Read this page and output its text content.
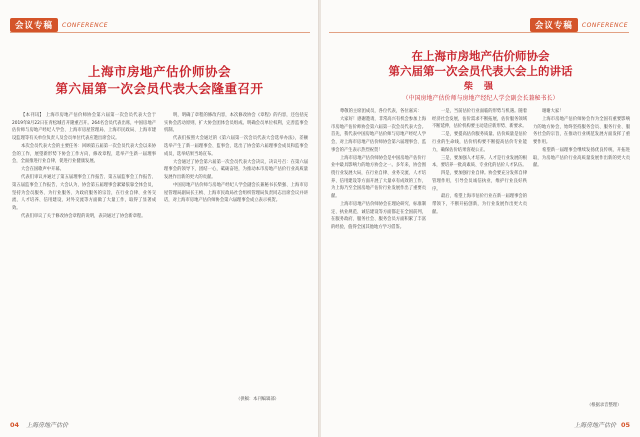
会议专稿	CONFERENCE
上海市房地产估价师协会
第六届第一次会员代表大会隆重召开

【本刊讯】 上海市房地产估价师协会第六届第一次会员代表大会于2019年8月22日在青松城召开隆重召开。264名会员代表出席，中国房地产估价师与房地产经纪人学会、上海市房屋管理局、上海市民政局、上海市建设监理等有关单位负责人及会员单位代表应邀出席会议。

本次会员代表大会的主要任务：回顾第五届第一次会员代表大会以来协会的工作，展望新形势下协会工作方向，修改章程，选举产生新一届理事会，全面推进行业自律，促进行业健康发展。

大会在国歌声中开幕。

代表们审议并通过了第五届理事会工作报告、第五届监事会工作报告、第五届监事会工作报告，大会认为，协会第五届理事会紧紧依靠全体会员，坚持为会员服务、为行业服务、为政府服务的宗旨，在行业自律、业务交流、人才培养、信用建设、对外交流等方面做了大量工作，取得了显著成效。

代表们审议了关于修改协会章程的说明，表决通过了协会新章程。

明，明确了章程的修改内容，本次修改协会《章程》的内容，还包括充实协会活动原则，扩大协会团体会员组成。明确会员单位权利，完善监事会机制。

代表们按照大会通过的《第六届第一次会员代表大会选举办法》，差额选举产生了新一届理事会、监事会，选出了协会第六届理事会成员和监事会成员，选举结果当场宣布。

大会通过了协会第六届第一次会员代表大会决议，决议号召：在第六届理事会的领导下，团结一心，砥砺奋进，为推动本市房地产估价行业高质量发展作出新的更大的贡献。

中国房地产估价师与房地产经纪人学会副会长兼秘书长柴强、上海市房屋管理局副局长王桢、上海市民政局社会组织管理局负责同志出席会议并讲话，对上海市房地产估价师协会第六届理事会成立表示祝贺。

（供稿：本刊编辑部）
04 上海房地产估价
会议专稿	CONFERENCE
在上海市房地产估价师协会
第六届第一次会员代表大会上的讲话
柴 强
（中国房地产估价师与房地产经纪人学会副会长兼秘书长）

尊敬的主席团成员，各位代表，各位嘉宾：

大家好！感谢邀请，非常高兴有机会参加上海市房地产估价师协会第六届第一次会员代表大会。首先，我代表中国房地产估价师与房地产经纪人学会，对上海市房地产估价师协会第六届理事会、监事会的产生表示热烈祝贺！

上海市房地产估价师协会是中国房地产估价行业中最具影响力的地方协会之一。多年来，协会围绕行业发展大局，在行业自律、业务交流、人才培养、信用建设等方面开展了大量卓有成效的工作，为上海乃至全国房地产估价行业发展作出了重要贡献。

上海市房地产估价师协会在理论研究、标准制定、执业规范、诚信建设等方面都走在全国前列，在服务政府、服务社会、服务会员方面积累了丰富的经验，值得全国其他地方学习借鉴。

一是，当前估价行业面临的形势与机遇。随着经济社会发展，估价需求不断拓展，估价服务领域不断延伸，估价机构要主动适应新形势、新要求。

二是，要提高估价服务质量。估价质量是估价行业的生命线，估价机构要不断提高估价专业能力，确保估价结果客观公正。

三是，要加强人才培养。人才是行业发展的根本，要培养一批高素质、专业化的估价人才队伍。

四是，要加强行业自律。协会要充分发挥自律管理作用，引导会员诚信执业，维护行业良好秩序。

最后，希望上海市估价行业在新一届理事会的带领下，不断开拓创新，为行业发展作出更大贡献。

谢谢大家！

上海市房地产估价师协会作为全国有重要影响力的地方协会，始终坚持服务会员、服务行业、服务社会的宗旨，在推动行业规范发展方面发挥了重要作用。

希望新一届理事会继续发扬优良传统，开拓进取，为房地产估价行业高质量发展作出新的更大贡献。

（根据录音整理）
上海房地产估价 05
